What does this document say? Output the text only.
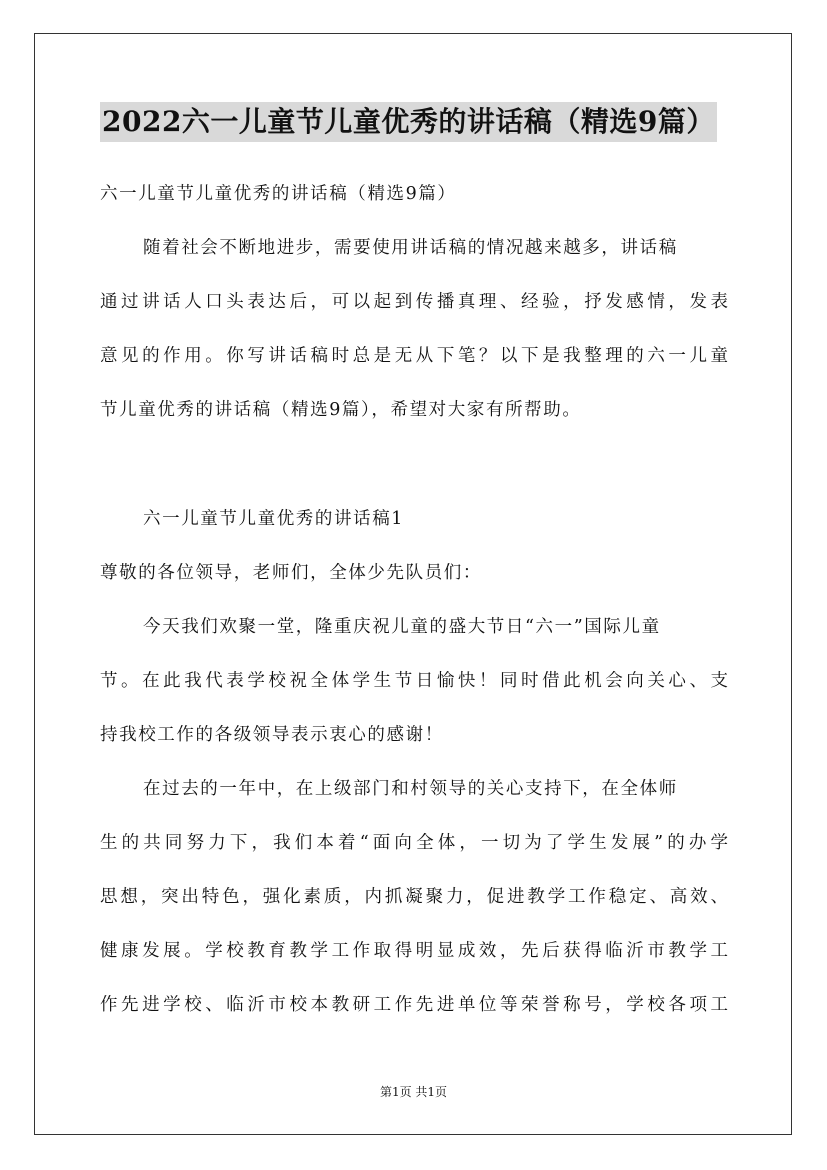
2022六一儿童节儿童优秀的讲话稿（精选9篇）
六一儿童节儿童优秀的讲话稿（精选9篇）
随着社会不断地进步，需要使用讲话稿的情况越来越多，讲话稿
通过讲话人口头表达后，可以起到传播真理、经验，抒发感情，发表
意见的作用。你写讲话稿时总是无从下笔？以下是我整理的六一儿童
节儿童优秀的讲话稿（精选9篇），希望对大家有所帮助。
六一儿童节儿童优秀的讲话稿1
尊敬的各位领导，老师们，全体少先队员们：
今天我们欢聚一堂，隆重庆祝儿童的盛大节日“六一”国际儿童
节。在此我代表学校祝全体学生节日愉快！同时借此机会向关心、支
持我校工作的各级领导表示衷心的感谢！
在过去的一年中，在上级部门和村领导的关心支持下，在全体师
生的共同努力下，我们本着“面向全体，一切为了学生发展”的办学
思想，突出特色，强化素质，内抓凝聚力，促进教学工作稳定、高效、
健康发展。学校教育教学工作取得明显成效，先后获得临沂市教学工
作先进学校、临沂市校本教研工作先进单位等荣誉称号，学校各项工
第1页 共1页
